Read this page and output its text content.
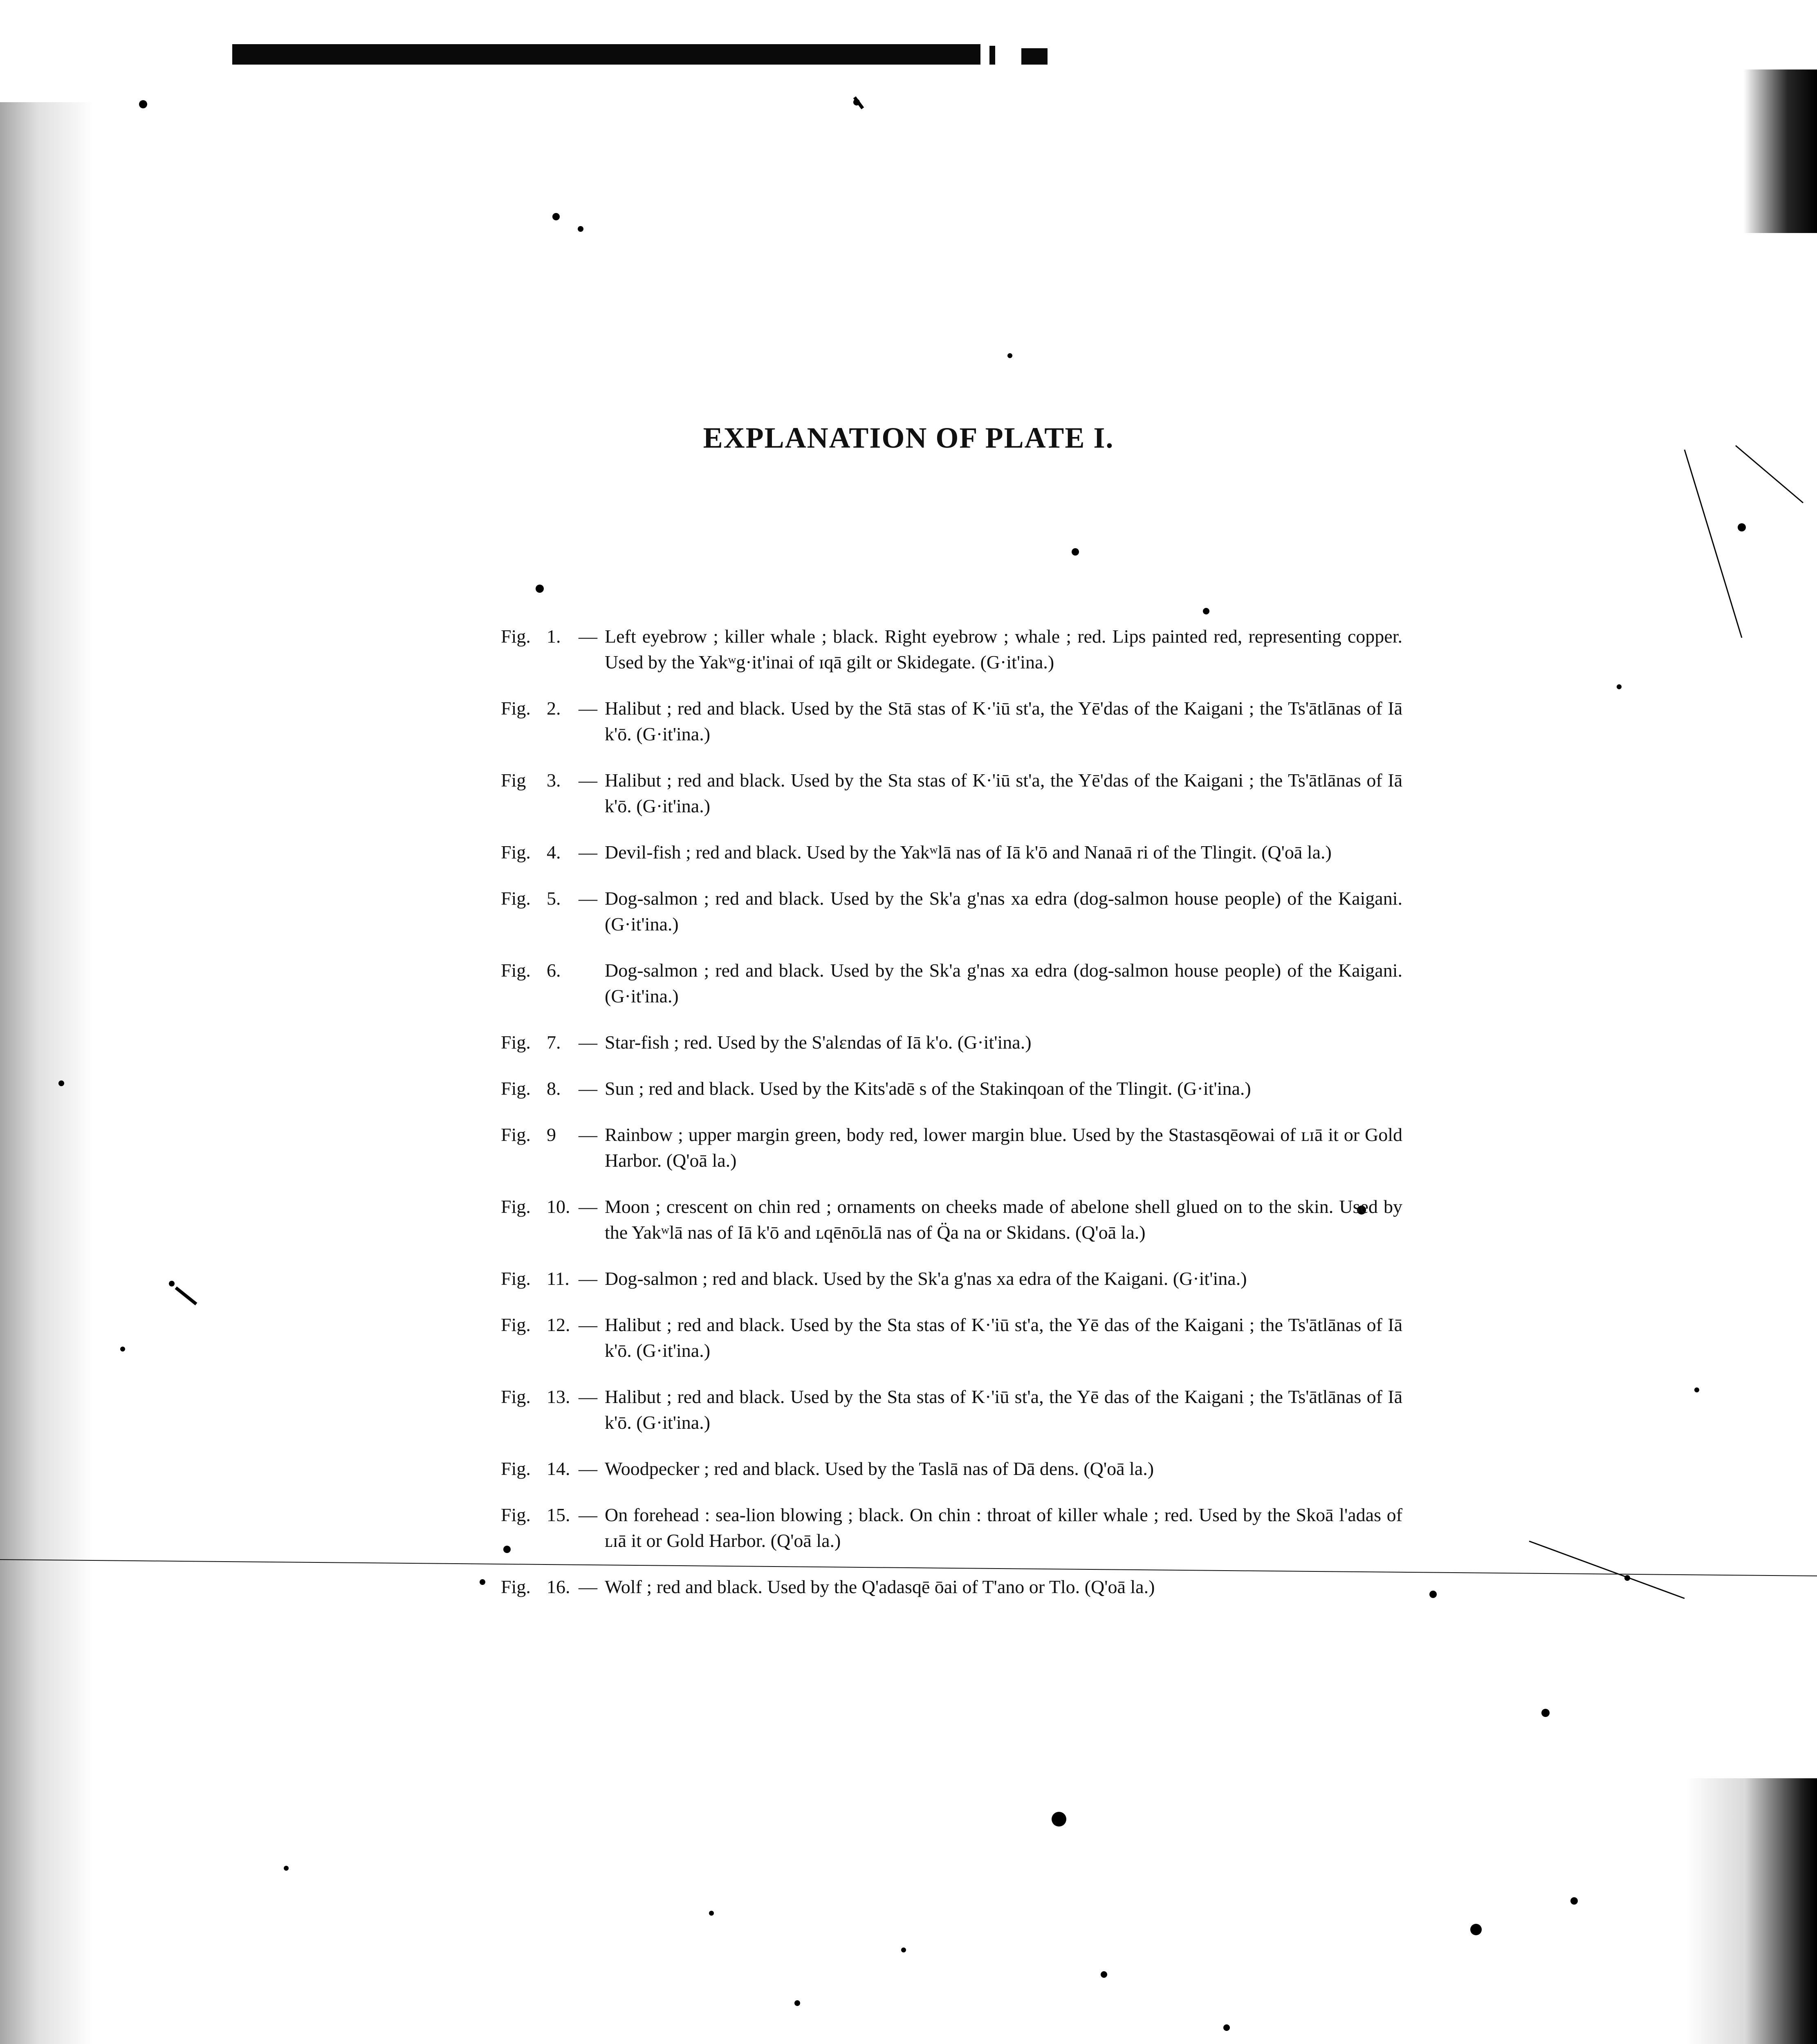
EXPLANATION OF PLATE I.
Fig. 1. — Left eyebrow ; killer whale ; black. Right eyebrow ; whale ; red. Lips painted red, representing copper. Used by the Yakʷg·it'inai of ɪqā gilt or Skidegate. (G·it'ina.)
Fig. 2. — Halibut ; red and black. Used by the Stā stas of K·'iū st'a, the Yē'das of the Kaigani ; the Ts'ātlānas of Iā k'ō. (G·it'ina.)
Fig 3. — Halibut ; red and black. Used by the Sta stas of K·'iū st'a, the Yē'das of the Kaigani ; the Ts'ātlānas of Iā k'ō. (G·it'ina.)
Fig. 4. — Devil-fish ; red and black. Used by the Yakʷlā nas of Iā k'ō and Nanaā ri of the Tlingit. (Q'oā la.)
Fig. 5. — Dog-salmon ; red and black. Used by the Sk'a g'nas xa edra (dog-salmon house people) of the Kaigani. (G·it'ina.)
Fig. 6.	Dog-salmon ; red and black. Used by the Sk'a g'nas xa edra (dog-salmon house people) of the Kaigani. (G·it'ina.)
Fig. 7. — Star-fish ; red. Used by the S'alɛndas of Iā k'o. (G·it'ina.)
Fig. 8. — Sun ; red and black. Used by the Kits'adē s of the Stakinqoan of the Tlingit. (G·it'ina.)
Fig. 9	— Rainbow ; upper margin green, body red, lower margin blue. Used by the Stastasqēowai of ʟɪā it or Gold Harbor. (Q'oā la.)
Fig. 10. — Moon ; crescent on chin red ; ornaments on cheeks made of abelone shell glued on to the skin. Used by the Yakʷlā nas of Iā k'ō and ʟqēnōʟlā nas of Q̈a na or Skidans. (Q'oā la.)
Fig. 11. — Dog-salmon ; red and black. Used by the Sk'a g'nas xa edra of the Kaigani. (G·it'ina.)
Fig. 12. — Halibut ; red and black. Used by the Sta stas of K·'iū st'a, the Yē das of the Kaigani ; the Ts'ātlānas of Iā k'ō. (G·it'ina.)
Fig. 13. — Halibut ; red and black. Used by the Sta stas of K·'iū st'a, the Yē das of the Kaigani ; the Ts'ātlānas of Iā k'ō. (G·it'ina.)
Fig. 14. — Woodpecker ; red and black. Used by the Taslā nas of Dā dens. (Q'oā la.)
Fig. 15. — On forehead : sea-lion blowing ; black. On chin : throat of killer whale ; red. Used by the Skoā l'adas of ʟɪā it or Gold Harbor. (Q'oā la.)
Fig. 16. — Wolf ; red and black. Used by the Q'adasqē ōai of T'ano or Tlo. (Q'oā la.)
